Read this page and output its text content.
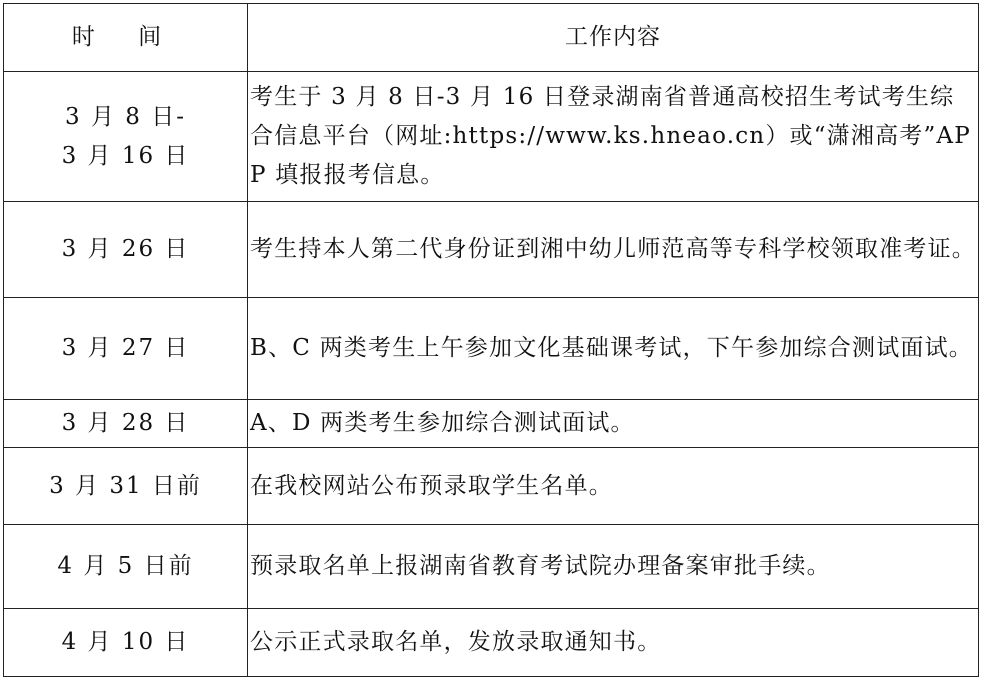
时 间	工作内容
3 月 8 日-
3 月 16 日	考生于 3 月 8 日-3 月 16 日登录湖南省普通高校招生考试考生综合信息平台（网址:https://www.ks.hneao.cn）或“潇湘高考”APP 填报报考信息。
3 月 26 日	考生持本人第二代身份证到湘中幼儿师范高等专科学校领取准考证。
3 月 27 日	B、C 两类考生上午参加文化基础课考试，下午参加综合测试面试。
3 月 28 日	A、D 两类考生参加综合测试面试。
3 月 31 日前	在我校网站公布预录取学生名单。
4 月 5 日前	预录取名单上报湖南省教育考试院办理备案审批手续。
4 月 10 日	公示正式录取名单，发放录取通知书。
